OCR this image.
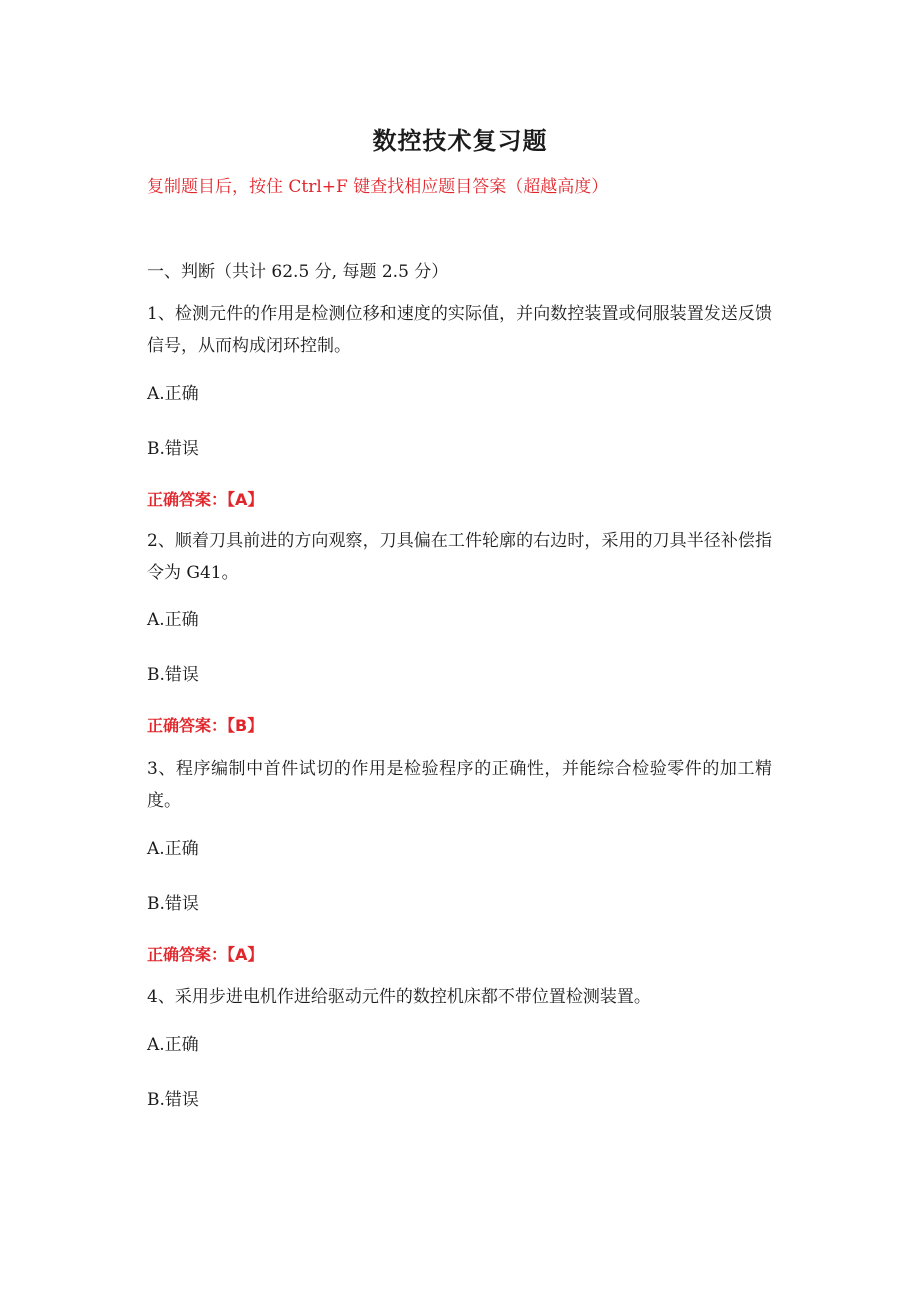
数控技术复习题
复制题目后，按住 Ctrl+F 键查找相应题目答案（超越高度）
一、判断（共计 62.5 分, 每题 2.5 分）
1、检测元件的作用是检测位移和速度的实际值，并向数控装置或伺服装置发送反馈信号，从而构成闭环控制。
A.正确
B.错误
正确答案：【A】
2、顺着刀具前进的方向观察，刀具偏在工件轮廓的右边时，采用的刀具半径补偿指令为 G41。
A.正确
B.错误
正确答案：【B】
3、程序编制中首件试切的作用是检验程序的正确性，并能综合检验零件的加工精度。
A.正确
B.错误
正确答案：【A】
4、采用步进电机作进给驱动元件的数控机床都不带位置检测装置。
A.正确
B.错误
